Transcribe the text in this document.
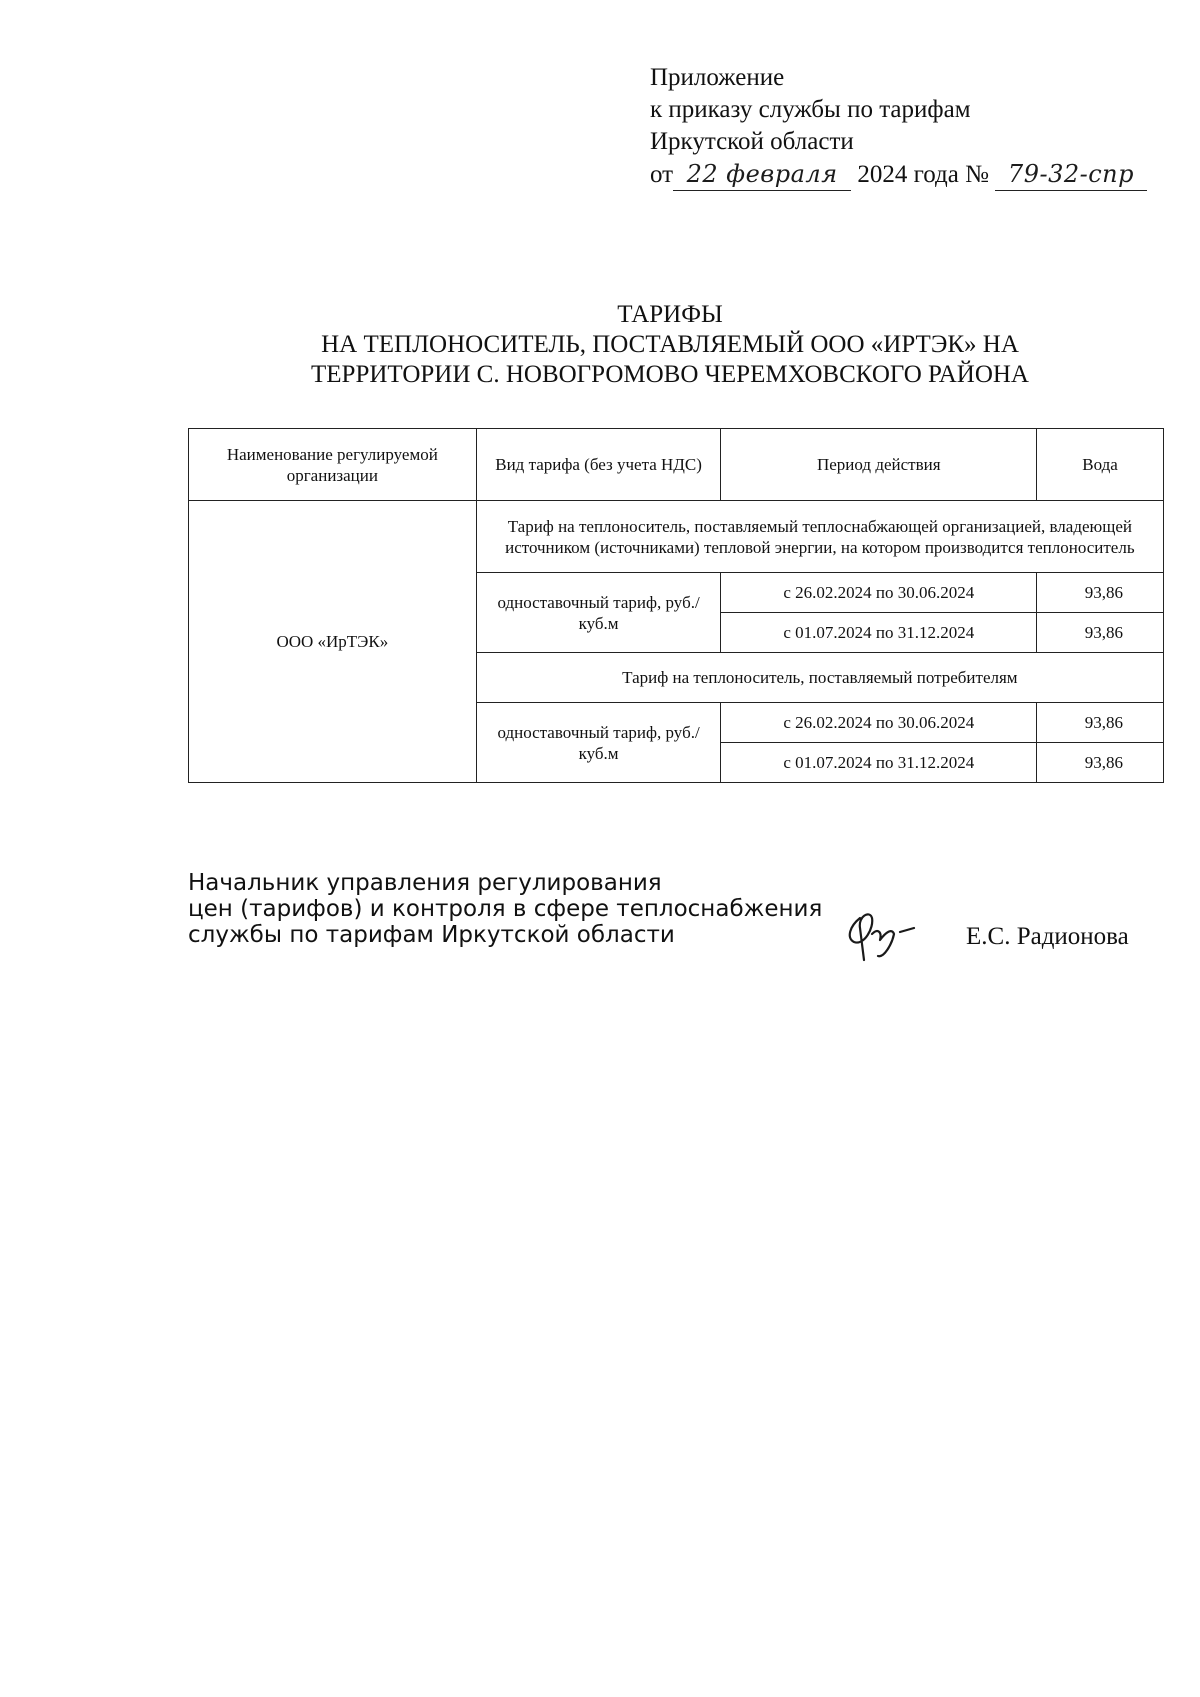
Приложение
к приказу службы по тарифам
Иркутской области
от 22 февраля 2024 года № 79-32-спр
ТАРИФЫ
НА ТЕПЛОНОСИТЕЛЬ, ПОСТАВЛЯЕМЫЙ ООО «ИРТЭК» НА
ТЕРРИТОРИИ С. НОВОГРОМОВО ЧЕРЕМХОВСКОГО РАЙОНА
Наименование регулируемой организации	Вид тарифа (без учета НДС)	Период действия	Вода
ООО «ИрТЭК»	Тариф на теплоноситель, поставляемый теплоснабжающей организацией, владеющей источником (источниками) тепловой энергии, на котором производится теплоноситель		
	одноставочный тариф, руб./куб.м	с 26.02.2024 по 30.06.2024	93,86
		с 01.07.2024 по 31.12.2024	93,86
	Тариф на теплоноситель, поставляемый потребителям		
	одноставочный тариф, руб./куб.м	с 26.02.2024 по 30.06.2024	93,86
		с 01.07.2024 по 31.12.2024	93,86
Начальник управления регулирования
цен (тарифов) и контроля в сфере теплоснабжения
службы по тарифам Иркутской области	Е.С. Радионова
